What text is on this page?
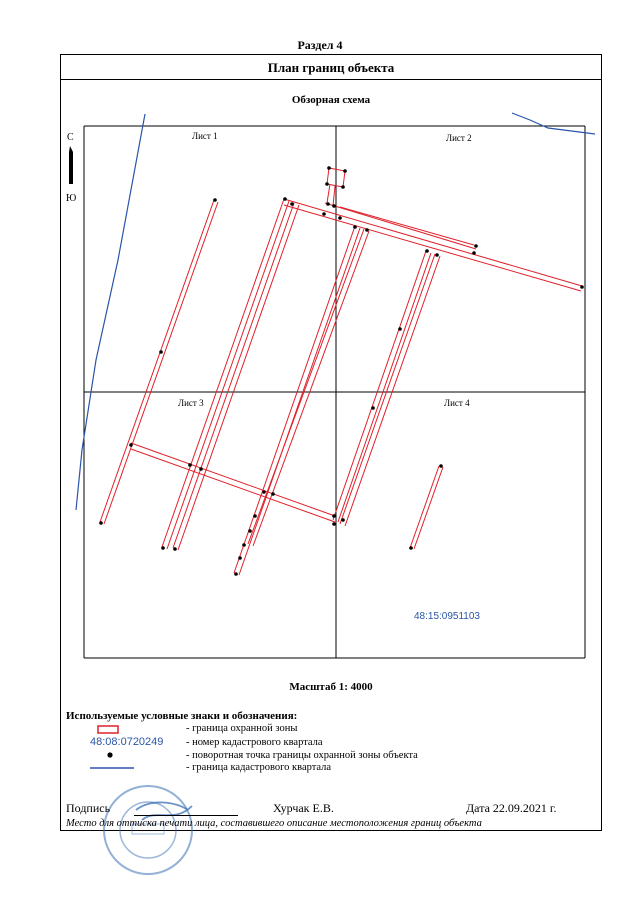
Раздел 4
План границ объекта
Обзорная схема
Лист 1	Лист 2
Лист 3	Лист 4
С
Ю
48:15:0951103
Масштаб 1: 4000
Используемые условные знаки и обозначения:
- граница охранной зоны
48:08:0720249 - номер кадастрового квартала
- поворотная точка границы охранной зоны объекта
- граница кадастрового квартала
Подпись	Хурчак Е.В.	Дата 22.09.2021 г.
Место для оттиска печати лица, составившего описание местоположения границ объекта
